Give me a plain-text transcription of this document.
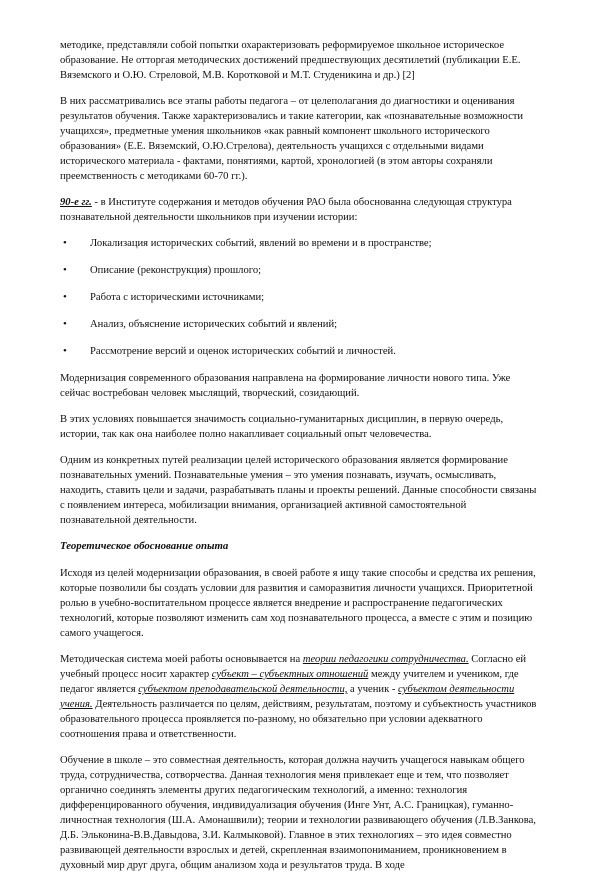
методике, представляли собой попытки охарактеризовать реформируемое школьное историческое образование. Не отторгая методических достижений предшествующих десятилетий (публикации Е.Е. Вяземского и О.Ю. Стреловой, М.В. Коротковой и М.Т. Студеникина и др.) [2]

В них рассматривались все этапы работы педагога – от целеполагания до диагностики и оценивания результатов обучения. Также характеризовались и такие категории, как «познавательные возможности учащихся», предметные умения школьников «как равный компонент школьного исторического образования» (Е.Е. Вяземский, О.Ю.Стрелова), деятельность учащихся с отдельными видами исторического материала - фактами, понятиями, картой, хронологией (в этом авторы сохраняли преемственность с методиками 60-70 гг.).

90-е гг. - в Институте содержания и методов обучения РАО была обоснованна следующая структура познавательной деятельности школьников при изучении истории:

• Локализация исторических событий, явлений во времени и в пространстве;
• Описание (реконструкция) прошлого;
• Работа с историческими источниками;
• Анализ, объяснение исторических событий и явлений;
• Рассмотрение версий и оценок исторических событий и личностей.

Модернизация современного образования направлена на формирование личности нового типа. Уже сейчас востребован человек мыслящий, творческий, созидающий.

В этих условиях повышается значимость социально-гуманитарных дисциплин, в первую очередь, истории, так как она наиболее полно накапливает социальный опыт человечества.

Одним из конкретных путей реализации целей исторического образования является формирование познавательных умений. Познавательные умения – это умения познавать, изучать, осмысливать, находить, ставить цели и задачи, разрабатывать планы и проекты решений. Данные способности связаны с появлением интереса, мобилизации внимания, организацией активной самостоятельной познавательной деятельности.

Теоретическое обоснование опыта

Исходя из целей модернизации образования, в своей работе я ищу такие способы и средства их решения, которые позволили бы создать условии для развития и саморазвития личности учащихся. Приоритетной ролью в учебно-воспитательном процессе является внедрение и распространение педагогических технологий, которые позволяют изменить сам ход познавательного процесса, а вместе с этим и позицию самого учащегося.

Методическая система моей работы основывается на теории педагогики сотрудничества. Согласно ей учебный процесс носит характер субъект – субъектных отношений между учителем и учеником, где педагог является субъектом преподавательской деятельности, а ученик - субъектом деятельности учения. Деятельность различается по целям, действиям, результатам, поэтому и субъектность участников образовательного процесса проявляется по-разному, но обязательно при условии адекватного соотношения права и ответственности.

Обучение в школе – это совместная деятельность, которая должна научить учащегося навыкам общего труда, сотрудничества, сотворчества. Данная технология меня привлекает еще и тем, что позволяет органично соединять элементы других педагогическим технологий, а именно: технология дифференцированного обучения, индивидуализация обучения (Инге Унт, А.С. Границкая), гуманно-личностная технология (Ш.А. Амонашвили); теории и технологии развивающего обучения (Л.В.Занкова, Д.Б. Эльконина-В.В.Давыдова, З.И. Калмыковой). Главное в этих технологиях – это идея совместно развивающей деятельности взрослых и детей, скрепленная взаимопониманием, проникновением в духовный мир друг друга, общим анализом хода и результатов труда. В ходе
